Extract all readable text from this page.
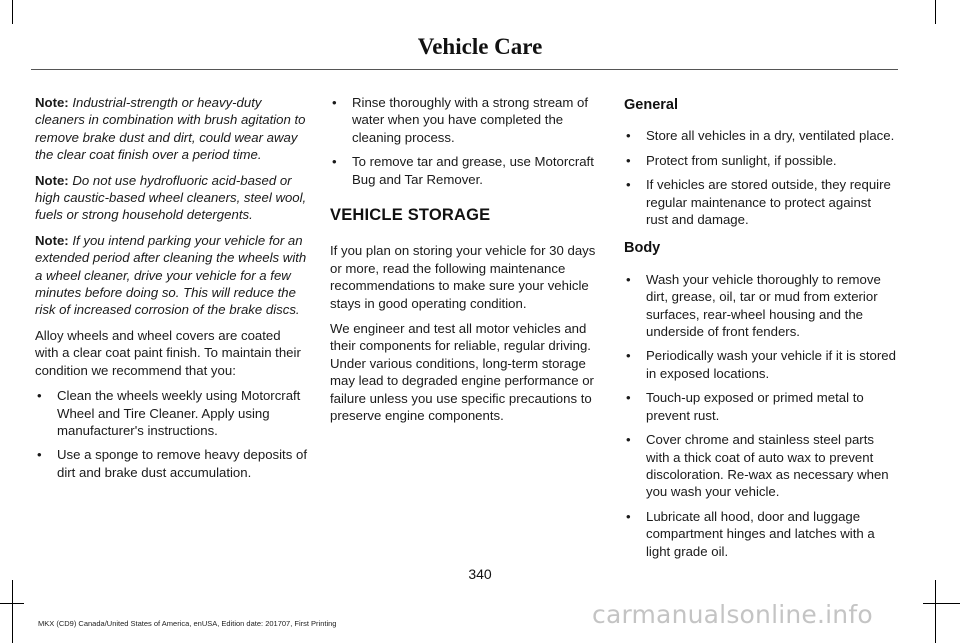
Vehicle Care

Note: Industrial-strength or heavy-duty cleaners in combination with brush agitation to remove brake dust and dirt, could wear away the clear coat finish over a period time.

Note: Do not use hydrofluoric acid-based or high caustic-based wheel cleaners, steel wool, fuels or strong household detergents.

Note: If you intend parking your vehicle for an extended period after cleaning the wheels with a wheel cleaner, drive your vehicle for a few minutes before doing so. This will reduce the risk of increased corrosion of the brake discs.

Alloy wheels and wheel covers are coated with a clear coat paint finish. To maintain their condition we recommend that you:

• Clean the wheels weekly using Motorcraft Wheel and Tire Cleaner. Apply using manufacturer's instructions.
• Use a sponge to remove heavy deposits of dirt and brake dust accumulation.
• Rinse thoroughly with a strong stream of water when you have completed the cleaning process.
• To remove tar and grease, use Motorcraft Bug and Tar Remover.
VEHICLE STORAGE

If you plan on storing your vehicle for 30 days or more, read the following maintenance recommendations to make sure your vehicle stays in good operating condition.

We engineer and test all motor vehicles and their components for reliable, regular driving. Under various conditions, long-term storage may lead to degraded engine performance or failure unless you use specific precautions to preserve engine components.

General
• Store all vehicles in a dry, ventilated place.
• Protect from sunlight, if possible.
• If vehicles are stored outside, they require regular maintenance to protect against rust and damage.
Body
• Wash your vehicle thoroughly to remove dirt, grease, oil, tar or mud from exterior surfaces, rear-wheel housing and the underside of front fenders.
• Periodically wash your vehicle if it is stored in exposed locations.
• Touch-up exposed or primed metal to prevent rust.
• Cover chrome and stainless steel parts with a thick coat of auto wax to prevent discoloration. Re-wax as necessary when you wash your vehicle.
• Lubricate all hood, door and luggage compartment hinges and latches with a light grade oil.
340
MKX (CD9) Canada/United States of America, enUSA, Edition date: 201707, First Printing	carmanualsonline.info
